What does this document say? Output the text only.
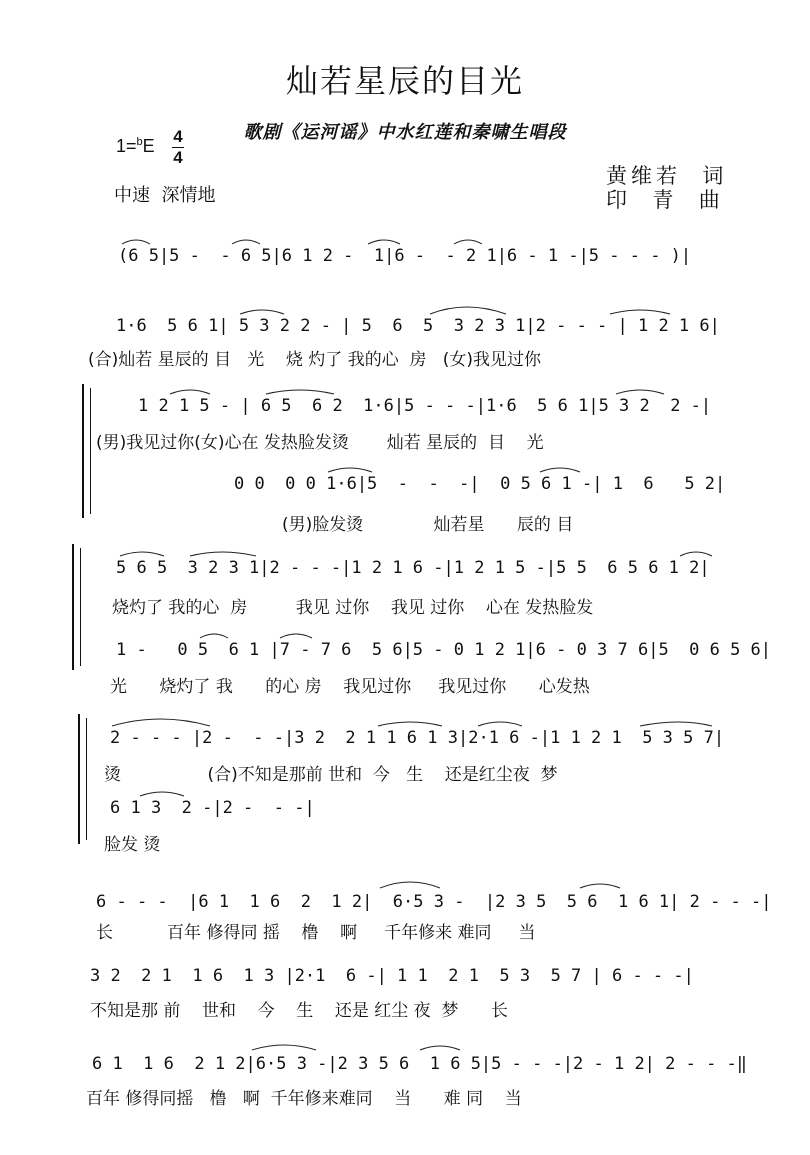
灿若星辰的目光
歌剧《运河谣》中水红莲和秦啸生唱段
1=$^b$E 4
4
黄维若  词
印  青  曲
中速  深情地
(6 5|5 -  - 6 5|6 1 2 -  1|6 -  - 2 1|6 - 1 -|5 - - - )|
1·6  5 6 1| 5 3 2 2 - | 5  6  5  3 2 3 1|2 - - - | 1 2 1 6|
(合)灿若 星辰的 目   光    烧 灼了 我的心  房   (女)我见过你
1 2 1 5 - | 6 5  6 2  1·6|5 - - -|1·6  5 6 1|5 3 2  2 -|
(男)我见过你(女)心在 发热脸发烫       灿若 星辰的  目    光
0 0  0 0 1·6|5  -  -  -|  0 5 6 1 -| 1  6   5 2|
(男)脸发烫             灿若星      辰的 目
5 6 5  3 2 3 1|2 - - -|1 2 1 6 -|1 2 1 5 -|5 5  6 5 6 1 2|
烧灼了 我的心  房         我见 过你    我见 过你    心在 发热脸发
1 -   0 5  6 1 |7 - 7 6  5 6|5 - 0 1 2 1|6 - 0 3 7 6|5  0 6 5 6|
光      烧灼了 我      的心 房    我见过你     我见过你      心发热
2 - - - |2 -  - -|3 2  2 1 1 6 1 3|2·1 6 -|1 1 2 1  5 3 5 7|
烫                (合)不知是那前 世和  今   生    还是红尘夜  梦
6 1 3  2 -|2 -  - -|
脸发 烫
6 - - -  |6 1  1 6  2  1 2|  6·5 3 -  |2 3 5  5 6  1 6 1| 2 - - -|
长          百年 修得同 摇    橹    啊     千年修来 难同     当
3 2  2 1  1 6  1 3 |2·1  6 -| 1 1  2 1  5 3  5 7 | 6 - - -|
不知是那 前    世和    今    生    还是 红尘 夜  梦      长
6 1  1 6  2 1 2|6·5 3 -|2 3 5 6  1 6 5|5 - - -|2 - 1 2| 2 - - -‖
百年 修得同摇   橹   啊  千年修来难同    当      难 同    当
